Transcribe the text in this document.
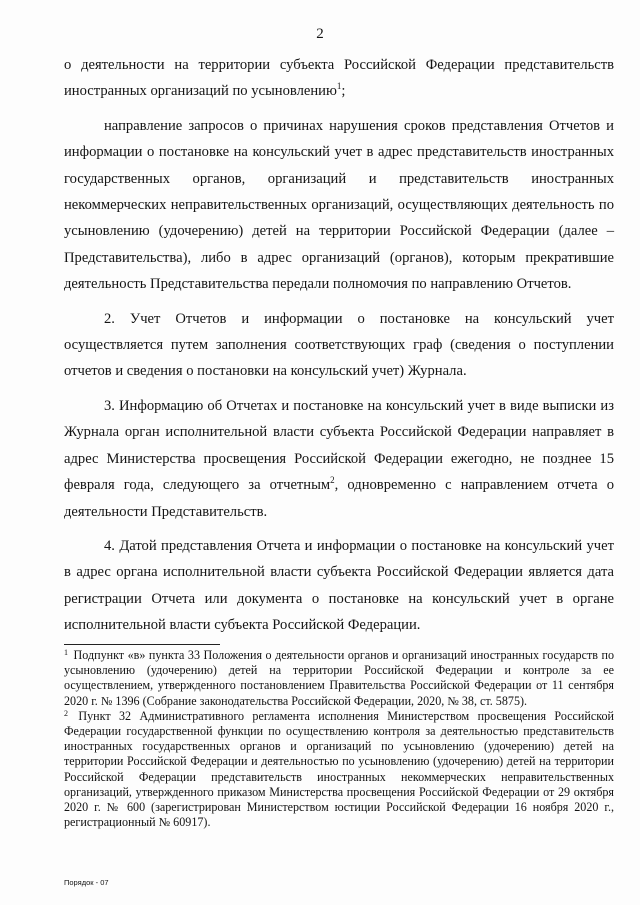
2

о деятельности на территории субъекта Российской Федерации представительств иностранных организаций по усыновлению$^1$;

направление запросов о причинах нарушения сроков представления Отчетов и информации о постановке на консульский учет в адрес представительств иностранных государственных органов, организаций и представительств иностранных некоммерческих неправительственных организаций, осуществляющих деятельность по усыновлению (удочерению) детей на территории Российской Федерации (далее – Представительства), либо в адрес организаций (органов), которым прекратившие деятельность Представительства передали полномочия по направлению Отчетов.

2. Учет Отчетов и информации о постановке на консульский учет осуществляется путем заполнения соответствующих граф (сведения о поступлении отчетов и сведения о постановки на консульский учет) Журнала.

3. Информацию об Отчетах и постановке на консульский учет в виде выписки из Журнала орган исполнительной власти субъекта Российской Федерации направляет в адрес Министерства просвещения Российской Федерации ежегодно, не позднее 15 февраля года, следующего за отчетным$^2$, одновременно с направлением отчета о деятельности Представительств.

4. Датой представления Отчета и информации о постановке на консульский учет в адрес органа исполнительной власти субъекта Российской Федерации является дата регистрации Отчета или документа о постановке на консульский учет в органе исполнительной власти субъекта Российской Федерации.

$^1$ Подпункт «в» пункта 33 Положения о деятельности органов и организаций иностранных государств по усыновлению (удочерению) детей на территории Российской Федерации и контроле за ее осуществлением, утвержденного постановлением Правительства Российской Федерации от 11 сентября 2020 г. № 1396 (Собрание законодательства Российской Федерации, 2020, № 38, ст. 5875).

$^2$ Пункт 32 Административного регламента исполнения Министерством просвещения Российской Федерации государственной функции по осуществлению контроля за деятельностью представительств иностранных государственных органов и организаций по усыновлению (удочерению) детей на территории Российской Федерации и деятельностью по усыновлению (удочерению) детей на территории Российской Федерации представительств иностранных некоммерческих неправительственных организаций, утвержденного приказом Министерства просвещения Российской Федерации от 29 октября 2020 г. № 600 (зарегистрирован Министерством юстиции Российской Федерации 16 ноября 2020 г., регистрационный № 60917).

Порядок - 07
